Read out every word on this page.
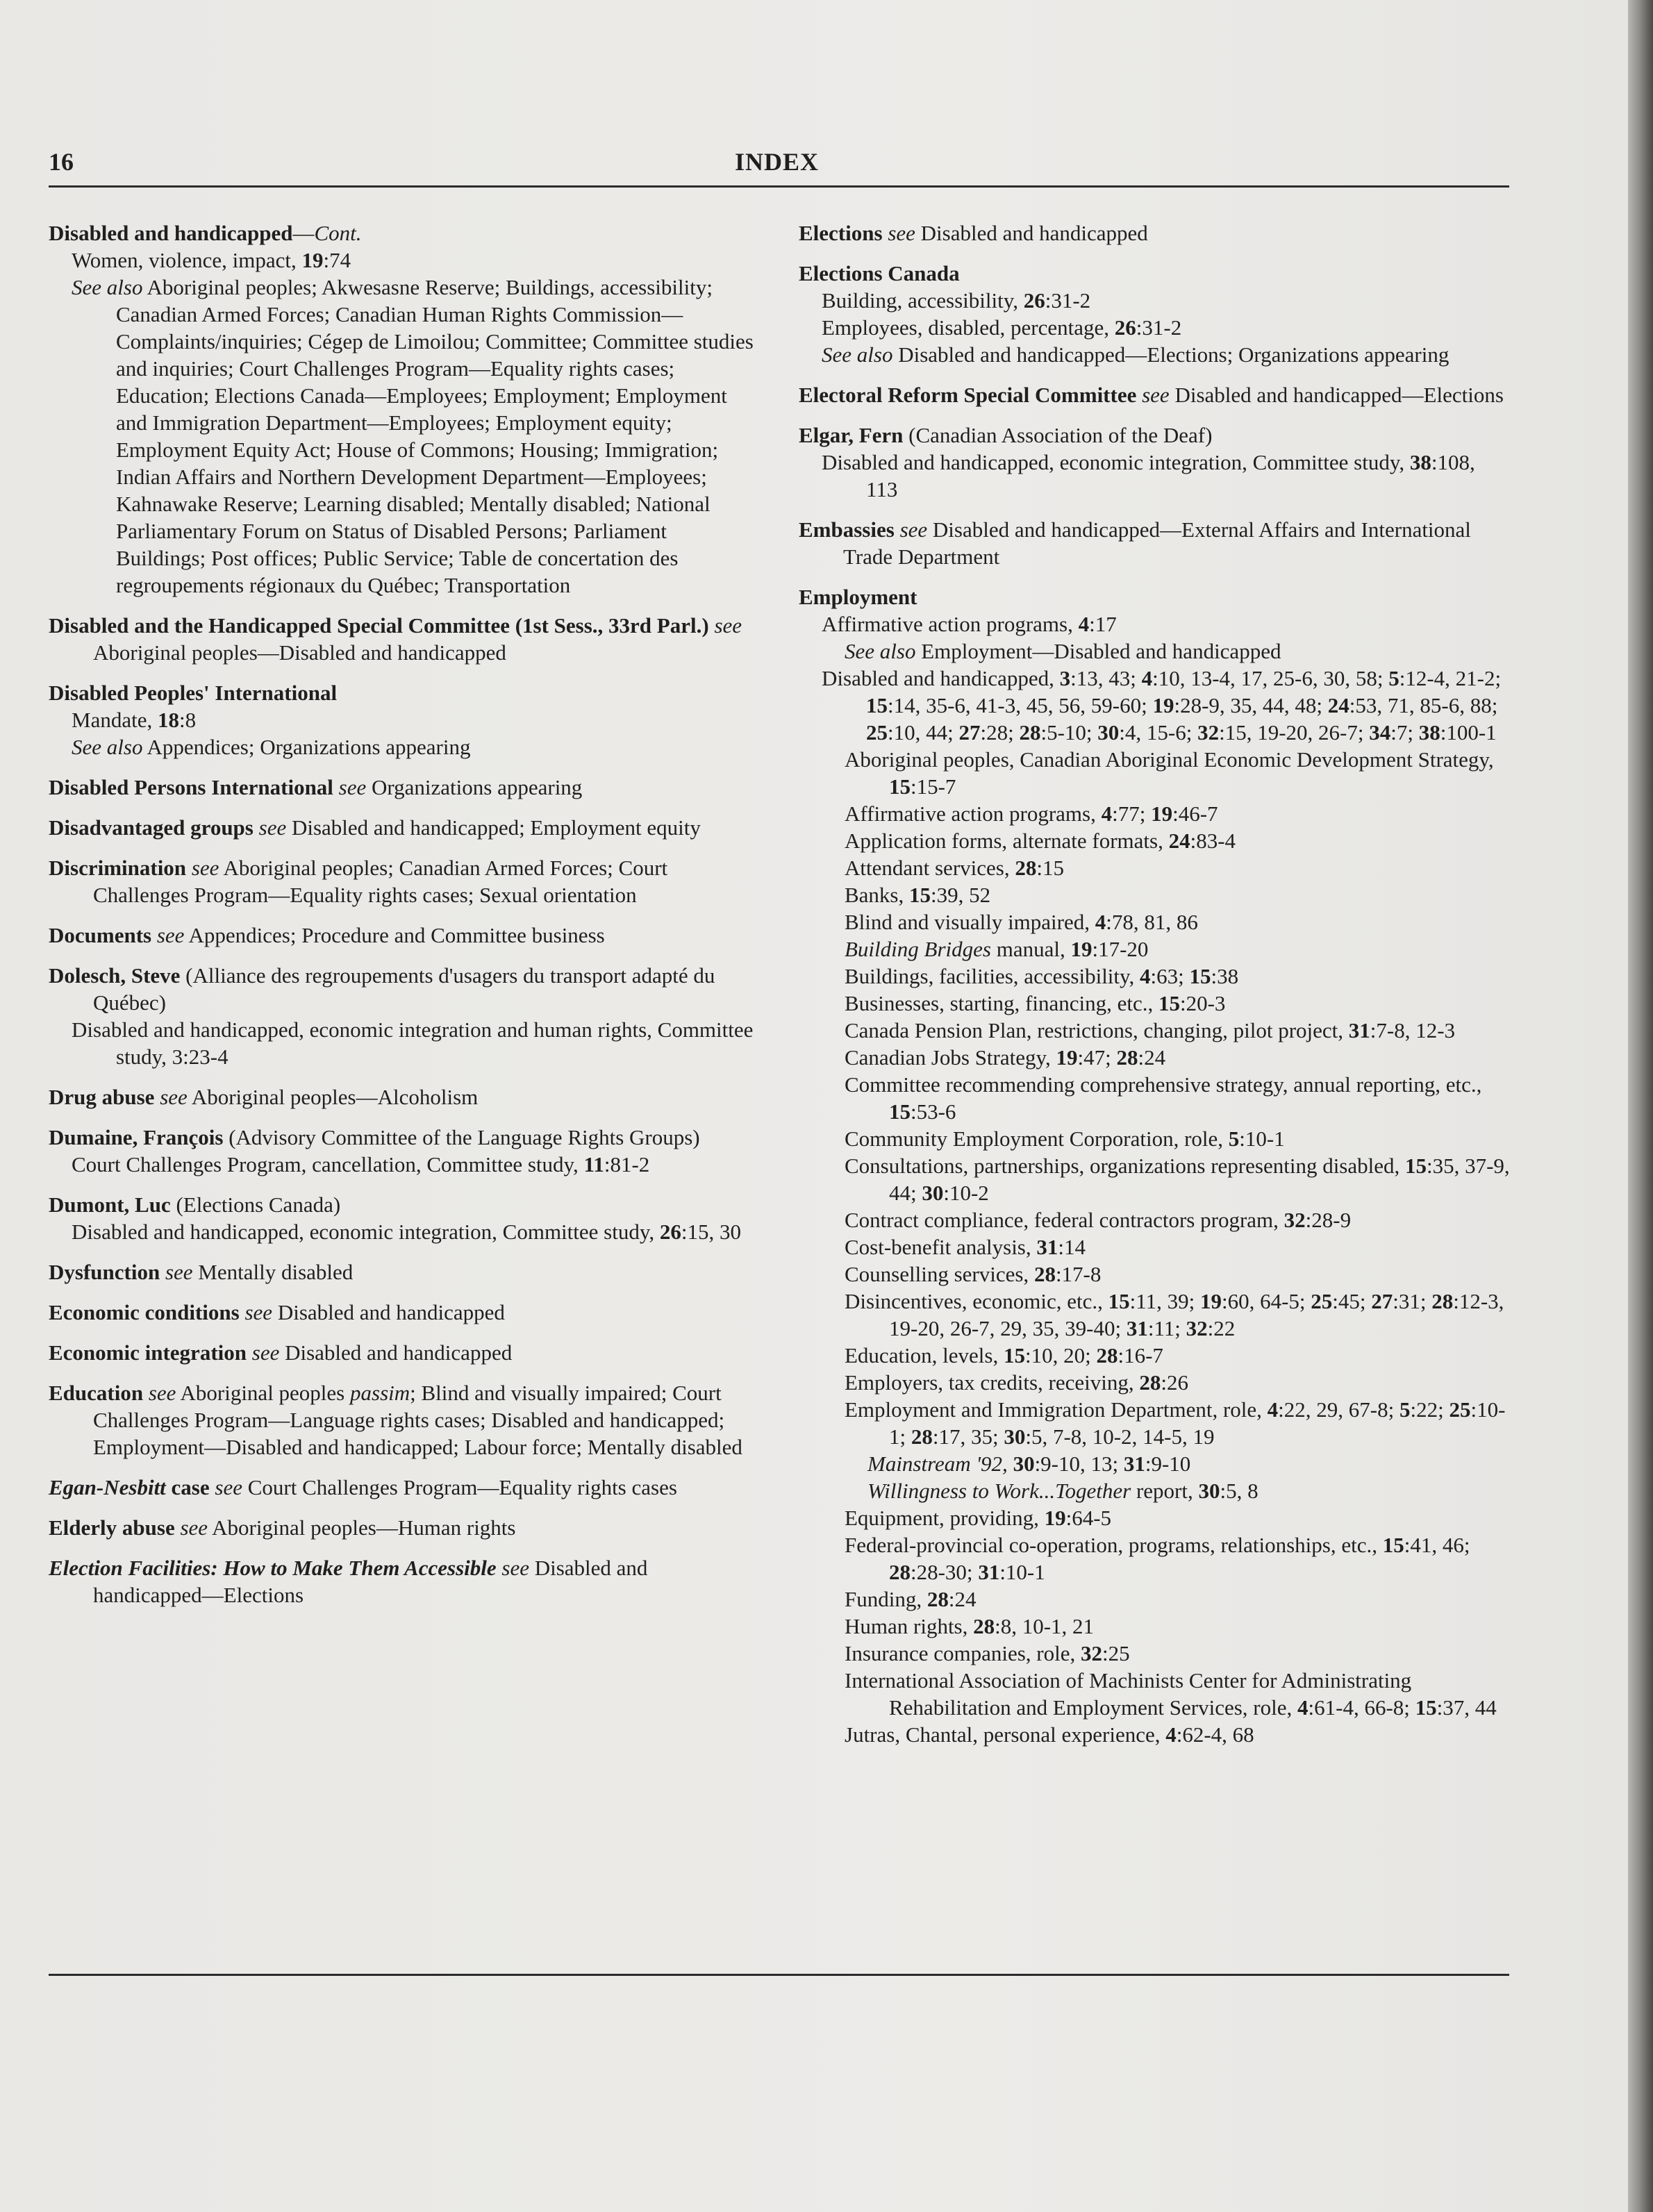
16	INDEX
Disabled and handicapped—Cont.
Women, violence, impact, 19:74
See also Aboriginal peoples; Akwesasne Reserve; Buildings, accessibility; Canadian Armed Forces; Canadian Human Rights Commission—Complaints/inquiries; Cégep de Limoilou; Committee; Committee studies and inquiries; Court Challenges Program—Equality rights cases; Education; Elections Canada—Employees; Employment; Employment and Immigration Department—Employees; Employment equity; Employment Equity Act; House of Commons; Housing; Immigration; Indian Affairs and Northern Development Department—Employees; Kahnawake Reserve; Learning disabled; Mentally disabled; National Parliamentary Forum on Status of Disabled Persons; Parliament Buildings; Post offices; Public Service; Table de concertation des regroupements régionaux du Québec; Transportation
Disabled and the Handicapped Special Committee (1st Sess., 33rd Parl.) see Aboriginal peoples—Disabled and handicapped
Disabled Peoples' International
Mandate, 18:8
See also Appendices; Organizations appearing
Disabled Persons International see Organizations appearing
Disadvantaged groups see Disabled and handicapped; Employment equity
Discrimination see Aboriginal peoples; Canadian Armed Forces; Court Challenges Program—Equality rights cases; Sexual orientation
Documents see Appendices; Procedure and Committee business
Dolesch, Steve (Alliance des regroupements d'usagers du transport adapté du Québec)
Disabled and handicapped, economic integration and human rights, Committee study, 3:23-4
Drug abuse see Aboriginal peoples—Alcoholism
Dumaine, François (Advisory Committee of the Language Rights Groups)
Court Challenges Program, cancellation, Committee study, 11:81-2
Dumont, Luc (Elections Canada)
Disabled and handicapped, economic integration, Committee study, 26:15, 30
Dysfunction see Mentally disabled
Economic conditions see Disabled and handicapped
Economic integration see Disabled and handicapped
Education see Aboriginal peoples passim; Blind and visually impaired; Court Challenges Program—Language rights cases; Disabled and handicapped; Employment—Disabled and handicapped; Labour force; Mentally disabled
Egan-Nesbitt case see Court Challenges Program—Equality rights cases
Elderly abuse see Aboriginal peoples—Human rights
Election Facilities: How to Make Them Accessible see Disabled and handicapped—Elections
Elections see Disabled and handicapped
Elections Canada
Building, accessibility, 26:31-2
Employees, disabled, percentage, 26:31-2
See also Disabled and handicapped—Elections; Organizations appearing
Electoral Reform Special Committee see Disabled and handicapped—Elections
Elgar, Fern (Canadian Association of the Deaf)
Disabled and handicapped, economic integration, Committee study, 38:108, 113
Embassies see Disabled and handicapped—External Affairs and International Trade Department
Employment
Affirmative action programs, 4:17
See also Employment—Disabled and handicapped
Disabled and handicapped, 3:13, 43; 4:10, 13-4, 17, 25-6, 30, 58; 5:12-4, 21-2; 15:14, 35-6, 41-3, 45, 56, 59-60; 19:28-9, 35, 44, 48; 24:53, 71, 85-6, 88; 25:10, 44; 27:28; 28:5-10; 30:4, 15-6; 32:15, 19-20, 26-7; 34:7; 38:100-1
Aboriginal peoples, Canadian Aboriginal Economic Development Strategy, 15:15-7
Affirmative action programs, 4:77; 19:46-7
Application forms, alternate formats, 24:83-4
Attendant services, 28:15
Banks, 15:39, 52
Blind and visually impaired, 4:78, 81, 86
Building Bridges manual, 19:17-20
Buildings, facilities, accessibility, 4:63; 15:38
Businesses, starting, financing, etc., 15:20-3
Canada Pension Plan, restrictions, changing, pilot project, 31:7-8, 12-3
Canadian Jobs Strategy, 19:47; 28:24
Committee recommending comprehensive strategy, annual reporting, etc., 15:53-6
Community Employment Corporation, role, 5:10-1
Consultations, partnerships, organizations representing disabled, 15:35, 37-9, 44; 30:10-2
Contract compliance, federal contractors program, 32:28-9
Cost-benefit analysis, 31:14
Counselling services, 28:17-8
Disincentives, economic, etc., 15:11, 39; 19:60, 64-5; 25:45; 27:31; 28:12-3, 19-20, 26-7, 29, 35, 39-40; 31:11; 32:22
Education, levels, 15:10, 20; 28:16-7
Employers, tax credits, receiving, 28:26
Employment and Immigration Department, role, 4:22, 29, 67-8; 5:22; 25:10-1; 28:17, 35; 30:5, 7-8, 10-2, 14-5, 19
Mainstream '92, 30:9-10, 13; 31:9-10
Willingness to Work...Together report, 30:5, 8
Equipment, providing, 19:64-5
Federal-provincial co-operation, programs, relationships, etc., 15:41, 46; 28:28-30; 31:10-1
Funding, 28:24
Human rights, 28:8, 10-1, 21
Insurance companies, role, 32:25
International Association of Machinists Center for Administrating Rehabilitation and Employment Services, role, 4:61-4, 66-8; 15:37, 44
Jutras, Chantal, personal experience, 4:62-4, 68
